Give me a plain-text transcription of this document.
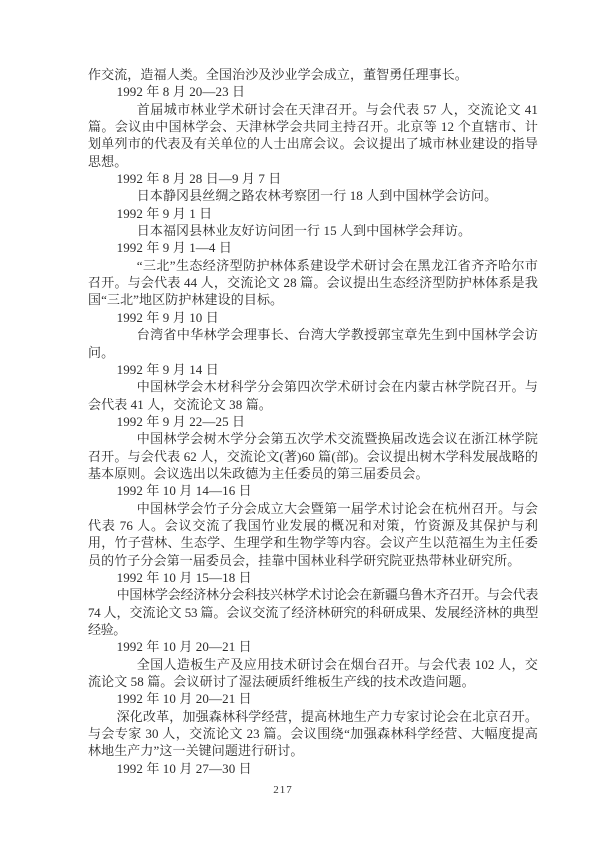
作交流，造福人类。全国治沙及沙业学会成立，董智勇任理事长。

1992 年 8 月 20—23 日

首届城市林业学术研讨会在天津召开。与会代表 57 人，交流论文 41 篇。会议由中国林学会、天津林学会共同主持召开。北京等 12 个直辖市、计划单列市的代表及有关单位的人士出席会议。会议提出了城市林业建设的指导思想。

1992 年 8 月 28 日—9 月 7 日

日本静冈县丝绸之路农林考察团一行 18 人到中国林学会访问。

1992 年 9 月 1 日

日本福冈县林业友好访问团一行 15 人到中国林学会拜访。

1992 年 9 月 1—4 日

“三北”生态经济型防护林体系建设学术研讨会在黑龙江省齐齐哈尔市召开。与会代表 44 人，交流论文 28 篇。会议提出生态经济型防护林体系是我国“三北”地区防护林建设的目标。

1992 年 9 月 10 日

台湾省中华林学会理事长、台湾大学教授郭宝章先生到中国林学会访问。

1992 年 9 月 14 日

中国林学会木材科学分会第四次学术研讨会在内蒙古林学院召开。与会代表 41 人，交流论文 38 篇。

1992 年 9 月 22—25 日

中国林学会树木学分会第五次学术交流暨换届改选会议在浙江林学院召开。与会代表 62 人，交流论文(著)60 篇(部)。会议提出树木学科发展战略的基本原则。会议选出以朱政德为主任委员的第三届委员会。

1992 年 10 月 14—16 日

中国林学会竹子分会成立大会暨第一届学术讨论会在杭州召开。与会代表 76 人。会议交流了我国竹业发展的概况和对策，竹资源及其保护与利用，竹子营林、生态学、生理学和生物学等内容。会议产生以范福生为主任委员的竹子分会第一届委员会，挂靠中国林业科学研究院亚热带林业研究所。

1992 年 10 月 15—18 日

中国林学会经济林分会科技兴林学术讨论会在新疆乌鲁木齐召开。与会代表 74 人，交流论文 53 篇。会议交流了经济林研究的科研成果、发展经济林的典型经验。

1992 年 10 月 20—21 日

全国人造板生产及应用技术研讨会在烟台召开。与会代表 102 人，交流论文 58 篇。会议研讨了湿法硬质纤维板生产线的技术改造问题。

1992 年 10 月 20—21 日

深化改革，加强森林科学经营，提高林地生产力专家讨论会在北京召开。与会专家 30 人，交流论文 23 篇。会议围绕“加强森林科学经营、大幅度提高林地生产力”这一关键问题进行研讨。

1992 年 10 月 27—30 日

217
